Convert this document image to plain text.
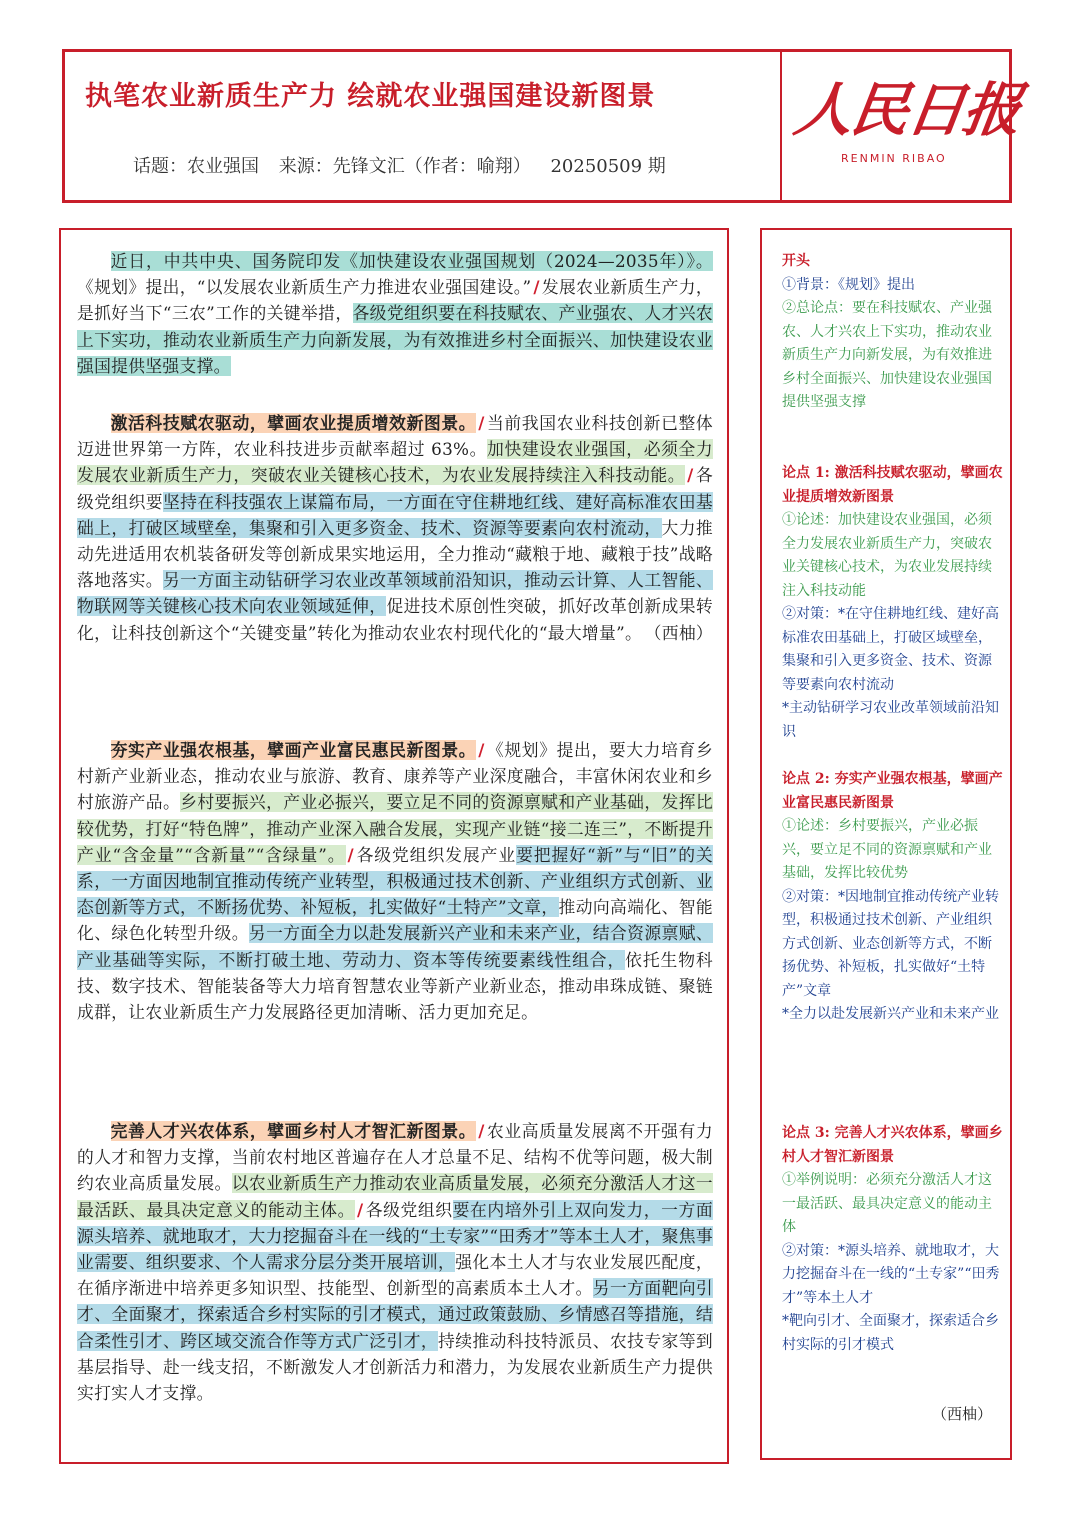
执笔农业新质生产力 绘就农业强国建设新图景
话题：农业强国 来源：先锋文汇（作者：喻翔） 20250509 期
人民日报
RENMIN RIBAO

近日，中共中央、国务院印发《加快建设农业强国规划（2024—2035年）》。《规划》提出，“以发展农业新质生产力推进农业强国建设。” / 发展农业新质生产力，是抓好当下“三农”工作的关键举措，各级党组织要在科技赋农、产业强农、人才兴农上下实功，推动农业新质生产力向新发展，为有效推进乡村全面振兴、加快建设农业强国提供坚强支撑。

激活科技赋农驱动，擘画农业提质增效新图景。 / 当前我国农业科技创新已整体迈进世界第一方阵，农业科技进步贡献率超过 63%。加快建设农业强国，必须全力发展农业新质生产力，突破农业关键核心技术，为农业发展持续注入科技动能。 / 各级党组织要坚持在科技强农上谋篇布局，一方面在守住耕地红线、建好高标准农田基础上，打破区域壁垒，集聚和引入更多资金、技术、资源等要素向农村流动，大力推动先进适用农机装备研发等创新成果实地运用，全力推动“藏粮于地、藏粮于技”战略落地落实。另一方面主动钻研学习农业改革领域前沿知识，推动云计算、人工智能、物联网等关键核心技术向农业领域延伸，促进技术原创性突破，抓好改革创新成果转化，让科技创新这个“关键变量”转化为推动农业农村现代化的“最大增量”。 （西柚）

夯实产业强农根基，擘画产业富民惠民新图景。 / 《规划》提出，要大力培育乡村新产业新业态，推动农业与旅游、教育、康养等产业深度融合，丰富休闲农业和乡村旅游产品。乡村要振兴，产业必振兴，要立足不同的资源禀赋和产业基础，发挥比较优势，打好“特色牌”，推动产业深入融合发展，实现产业链“接二连三”，不断提升产业“含金量”“含新量”“含绿量”。 / 各级党组织发展产业要把握好“新”与“旧”的关系，一方面因地制宜推动传统产业转型，积极通过技术创新、产业组织方式创新、业态创新等方式，不断扬优势、补短板，扎实做好“土特产”文章，推动向高端化、智能化、绿色化转型升级。另一方面全力以赴发展新兴产业和未来产业，结合资源禀赋、产业基础等实际，不断打破土地、劳动力、资本等传统要素线性组合，依托生物科技、数字技术、智能装备等大力培育智慧农业等新产业新业态，推动串珠成链、聚链成群，让农业新质生产力发展路径更加清晰、活力更加充足。

完善人才兴农体系，擘画乡村人才智汇新图景。 / 农业高质量发展离不开强有力的人才和智力支撑，当前农村地区普遍存在人才总量不足、结构不优等问题，极大制约农业高质量发展。以农业新质生产力推动农业高质量发展，必须充分激活人才这一最活跃、最具决定意义的能动主体。 / 各级党组织要在内培外引上双向发力，一方面源头培养、就地取才，大力挖掘奋斗在一线的“土专家”“田秀才”等本土人才，聚焦事业需要、组织要求、个人需求分层分类开展培训，强化本土人才与农业发展匹配度，在循序渐进中培养更多知识型、技能型、创新型的高素质本土人才。另一方面靶向引才、全面聚才，探索适合乡村实际的引才模式，通过政策鼓励、乡情感召等措施，结合柔性引才、跨区域交流合作等方式广泛引才，持续推动科技特派员、农技专家等到基层指导、赴一线支招，不断激发人才创新活力和潜力，为发展农业新质生产力提供实打实人才支撑。

开头
①背景：《规划》提出
②总论点：要在科技赋农、产业强农、人才兴农上下实功，推动农业新质生产力向新发展，为有效推进乡村全面振兴、加快建设农业强国提供坚强支撑
论点 1: 激活科技赋农驱动，擘画农业提质增效新图景
①论述：加快建设农业强国，必须全力发展农业新质生产力，突破农业关键核心技术，为农业发展持续注入科技动能
②对策：*在守住耕地红线、建好高标准农田基础上，打破区域壁垒，集聚和引入更多资金、技术、资源等要素向农村流动
*主动钻研学习农业改革领域前沿知识
论点 2: 夯实产业强农根基，擘画产业富民惠民新图景
①论述：乡村要振兴，产业必振兴，要立足不同的资源禀赋和产业基础，发挥比较优势
②对策：*因地制宜推动传统产业转型，积极通过技术创新、产业组织方式创新、业态创新等方式，不断扬优势、补短板，扎实做好“土特产”文章
*全力以赴发展新兴产业和未来产业
论点 3: 完善人才兴农体系，擘画乡村人才智汇新图景
①举例说明：必须充分激活人才这一最活跃、最具决定意义的能动主体
②对策：*源头培养、就地取才，大力挖掘奋斗在一线的“土专家”“田秀才”等本土人才
*靶向引才、全面聚才，探索适合乡村实际的引才模式
（西柚）
